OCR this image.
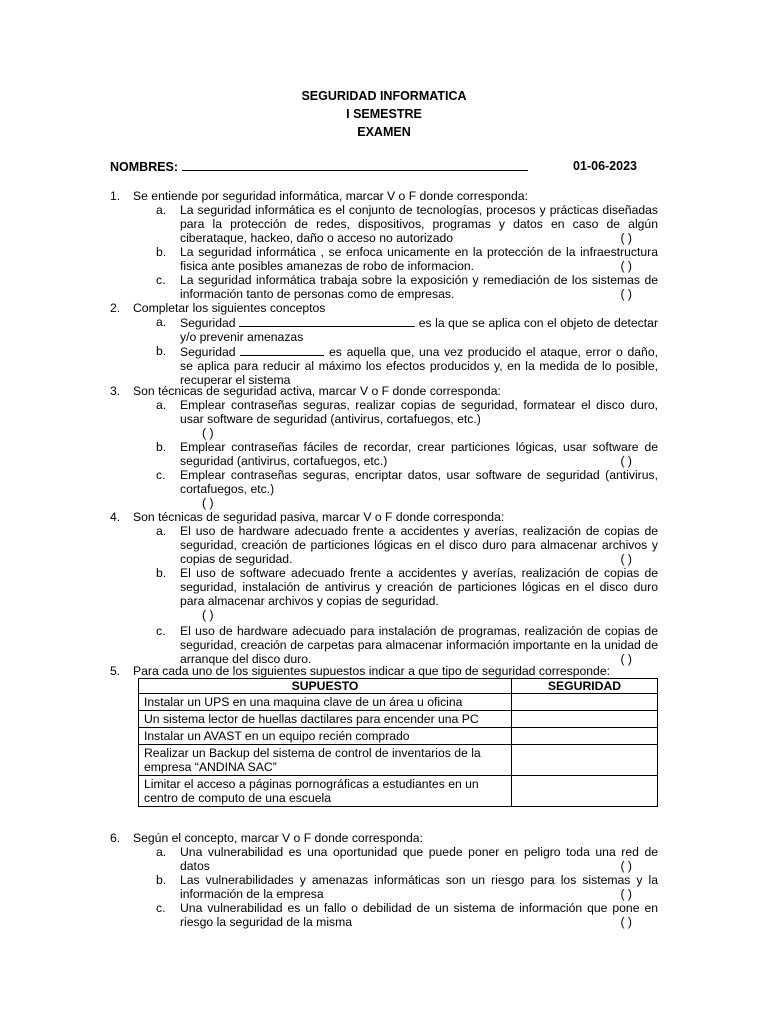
SEGURIDAD INFORMATICA
I SEMESTRE
EXAMEN
NOMBRES:	01-06-2023
1. Se entiende por seguridad informática, marcar V o F donde corresponda:
a. La seguridad informática es el conjunto de tecnologías, procesos y prácticas diseñadas para la protección de redes, dispositivos, programas y datos en caso de algún ciberataque, hackeo, daño o acceso no autorizado	( )
b. La seguridad informática , se enfoca unicamente en la protección de la infraestructura fisica ante posibles amanezas de robo de informacion.	( )
c. La seguridad informática trabaja sobre la exposición y remediación de los sistemas de información tanto de personas como de empresas.	( )
2. Completar los siguientes conceptos
a. Seguridad	es la que se aplica con el objeto de detectar y/o prevenir amenazas
b. Seguridad	es aquella que, una vez producido el ataque, error o daño, se aplica para reducir al máximo los efectos producidos y, en la medida de lo posible, recuperar el sistema
3. Son técnicas de seguridad activa, marcar V o F donde corresponda:
a. Emplear contraseñas seguras, realizar copias de seguridad, formatear el disco duro, usar software de seguridad (antivirus, cortafuegos, etc.)
( )
b. Emplear contraseñas fáciles de recordar, crear particiones lógicas, usar software de seguridad (antivirus, cortafuegos, etc.)	( )
c. Emplear contraseñas seguras, encriptar datos, usar software de seguridad (antivirus, cortafuegos, etc.)
( )
4. Son técnicas de seguridad pasiva, marcar V o F donde corresponda:
a. El uso de hardware adecuado frente a accidentes y averías, realización de copias de seguridad, creación de particiones lógicas en el disco duro para almacenar archivos y copias de seguridad.	( )
b. El uso de software adecuado frente a accidentes y averías, realización de copias de seguridad, instalación de antivirus y creación de particiones lógicas en el disco duro para almacenar archivos y copias de seguridad.
( )
c. El uso de hardware adecuado para instalación de programas, realización de copias de seguridad, creación de carpetas para almacenar información importante en la unidad de arranque del disco duro.	( )
5. Para cada uno de los siguientes supuestos indicar a que tipo de seguridad corresponde:
SUPUESTO	SEGURIDAD
Instalar un UPS en una maquina clave de un área u oficina	
Un sistema lector de huellas dactilares para encender una PC	
Instalar un AVAST en un equipo recién comprado	
Realizar un Backup del sistema de control de inventarios de la empresa “ANDINA SAC”	
Limitar el acceso a páginas pornográficas a estudiantes en un centro de computo de una escuela	
6. Según el concepto, marcar V o F donde corresponda:
a. Una vulnerabilidad es una oportunidad que puede poner en peligro toda una red de datos	( )
b. Las vulnerabilidades y amenazas informáticas son un riesgo para los sistemas y la información de la empresa	( )
c. Una vulnerabilidad es un fallo o debilidad de un sistema de información que pone en riesgo la seguridad de la misma	( )
